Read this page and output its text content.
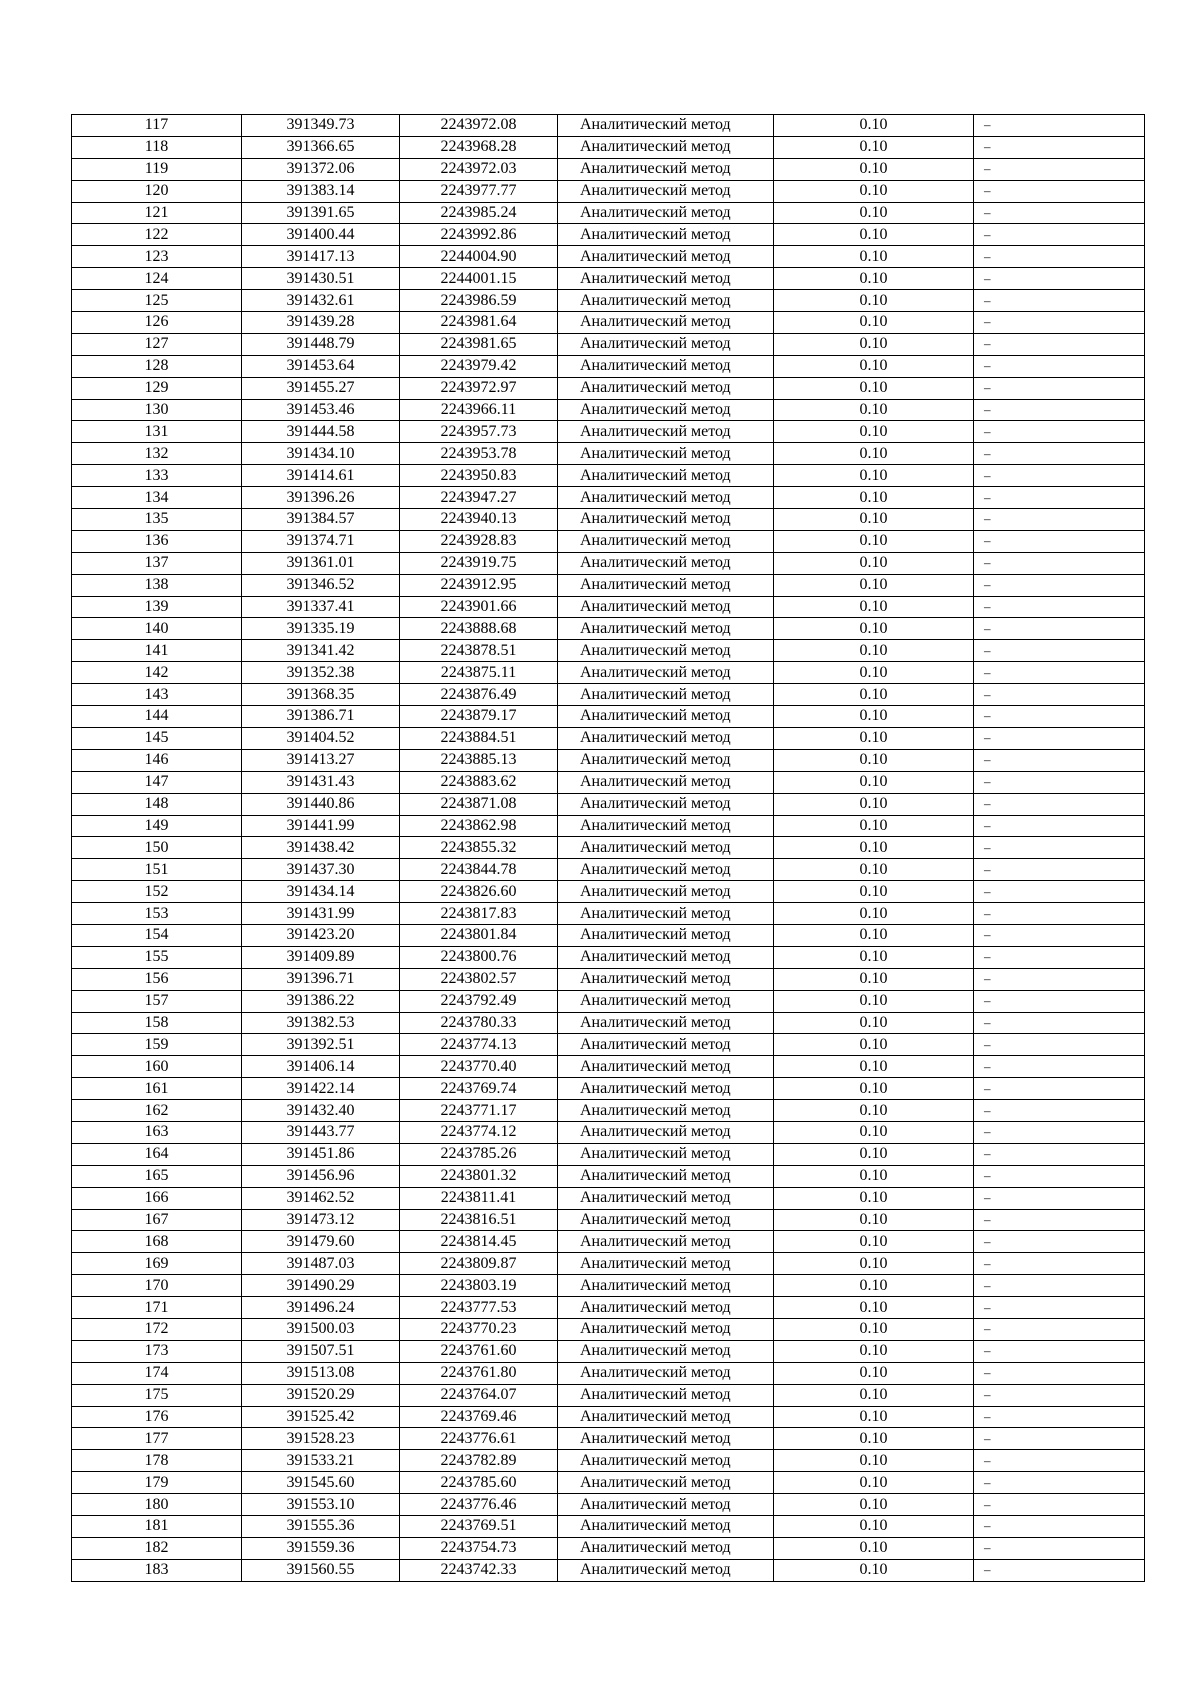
117	391349.73	2243972.08	Аналитический метод	0.10	–
118	391366.65	2243968.28	Аналитический метод	0.10	–
119	391372.06	2243972.03	Аналитический метод	0.10	–
120	391383.14	2243977.77	Аналитический метод	0.10	–
121	391391.65	2243985.24	Аналитический метод	0.10	–
122	391400.44	2243992.86	Аналитический метод	0.10	–
123	391417.13	2244004.90	Аналитический метод	0.10	–
124	391430.51	2244001.15	Аналитический метод	0.10	–
125	391432.61	2243986.59	Аналитический метод	0.10	–
126	391439.28	2243981.64	Аналитический метод	0.10	–
127	391448.79	2243981.65	Аналитический метод	0.10	–
128	391453.64	2243979.42	Аналитический метод	0.10	–
129	391455.27	2243972.97	Аналитический метод	0.10	–
130	391453.46	2243966.11	Аналитический метод	0.10	–
131	391444.58	2243957.73	Аналитический метод	0.10	–
132	391434.10	2243953.78	Аналитический метод	0.10	–
133	391414.61	2243950.83	Аналитический метод	0.10	–
134	391396.26	2243947.27	Аналитический метод	0.10	–
135	391384.57	2243940.13	Аналитический метод	0.10	–
136	391374.71	2243928.83	Аналитический метод	0.10	–
137	391361.01	2243919.75	Аналитический метод	0.10	–
138	391346.52	2243912.95	Аналитический метод	0.10	–
139	391337.41	2243901.66	Аналитический метод	0.10	–
140	391335.19	2243888.68	Аналитический метод	0.10	–
141	391341.42	2243878.51	Аналитический метод	0.10	–
142	391352.38	2243875.11	Аналитический метод	0.10	–
143	391368.35	2243876.49	Аналитический метод	0.10	–
144	391386.71	2243879.17	Аналитический метод	0.10	–
145	391404.52	2243884.51	Аналитический метод	0.10	–
146	391413.27	2243885.13	Аналитический метод	0.10	–
147	391431.43	2243883.62	Аналитический метод	0.10	–
148	391440.86	2243871.08	Аналитический метод	0.10	–
149	391441.99	2243862.98	Аналитический метод	0.10	–
150	391438.42	2243855.32	Аналитический метод	0.10	–
151	391437.30	2243844.78	Аналитический метод	0.10	–
152	391434.14	2243826.60	Аналитический метод	0.10	–
153	391431.99	2243817.83	Аналитический метод	0.10	–
154	391423.20	2243801.84	Аналитический метод	0.10	–
155	391409.89	2243800.76	Аналитический метод	0.10	–
156	391396.71	2243802.57	Аналитический метод	0.10	–
157	391386.22	2243792.49	Аналитический метод	0.10	–
158	391382.53	2243780.33	Аналитический метод	0.10	–
159	391392.51	2243774.13	Аналитический метод	0.10	–
160	391406.14	2243770.40	Аналитический метод	0.10	–
161	391422.14	2243769.74	Аналитический метод	0.10	–
162	391432.40	2243771.17	Аналитический метод	0.10	–
163	391443.77	2243774.12	Аналитический метод	0.10	–
164	391451.86	2243785.26	Аналитический метод	0.10	–
165	391456.96	2243801.32	Аналитический метод	0.10	–
166	391462.52	2243811.41	Аналитический метод	0.10	–
167	391473.12	2243816.51	Аналитический метод	0.10	–
168	391479.60	2243814.45	Аналитический метод	0.10	–
169	391487.03	2243809.87	Аналитический метод	0.10	–
170	391490.29	2243803.19	Аналитический метод	0.10	–
171	391496.24	2243777.53	Аналитический метод	0.10	–
172	391500.03	2243770.23	Аналитический метод	0.10	–
173	391507.51	2243761.60	Аналитический метод	0.10	–
174	391513.08	2243761.80	Аналитический метод	0.10	–
175	391520.29	2243764.07	Аналитический метод	0.10	–
176	391525.42	2243769.46	Аналитический метод	0.10	–
177	391528.23	2243776.61	Аналитический метод	0.10	–
178	391533.21	2243782.89	Аналитический метод	0.10	–
179	391545.60	2243785.60	Аналитический метод	0.10	–
180	391553.10	2243776.46	Аналитический метод	0.10	–
181	391555.36	2243769.51	Аналитический метод	0.10	–
182	391559.36	2243754.73	Аналитический метод	0.10	–
183	391560.55	2243742.33	Аналитический метод	0.10	–
